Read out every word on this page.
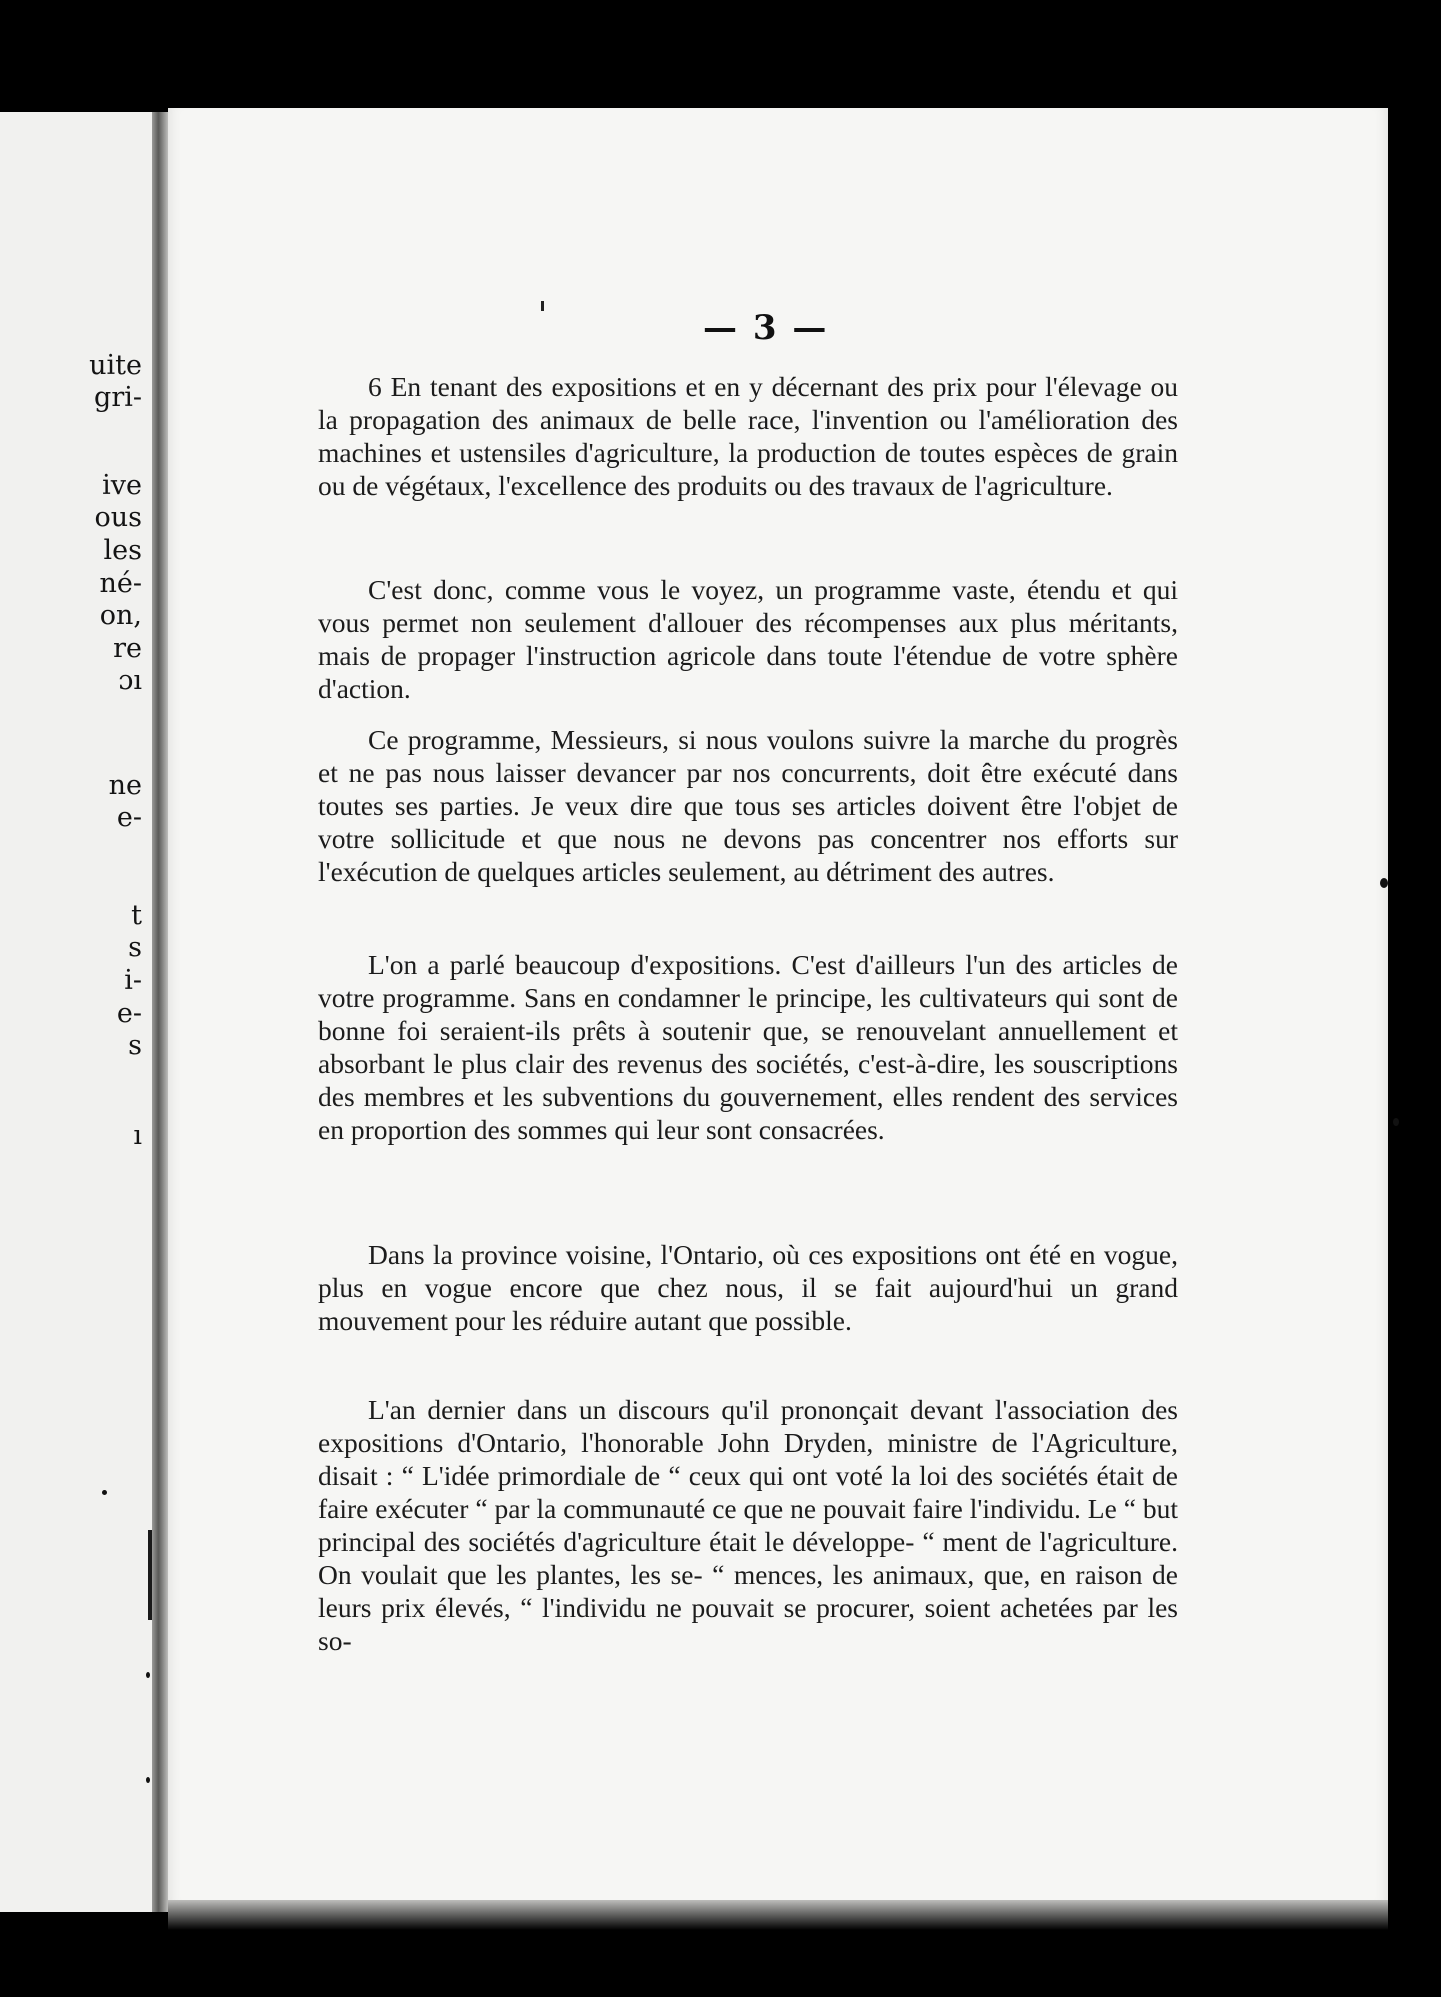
uite
gri-
ive
ous
les
né-
on,
re
ɔı
ne
e-
t
s
i-
e-
s
ı
— 3 —

6 En tenant des expositions et en y décernant des prix pour l'élevage ou la propagation des animaux de belle race, l'invention ou l'amélioration des machines et ustensiles d'agriculture, la production de toutes espèces de grain ou de végétaux, l'excellence des produits ou des travaux de l'agriculture.

C'est donc, comme vous le voyez, un programme vaste, étendu et qui vous permet non seulement d'allouer des récompenses aux plus méritants, mais de propager l'instruction agricole dans toute l'étendue de votre sphère d'action.

Ce programme, Messieurs, si nous voulons suivre la marche du progrès et ne pas nous laisser devancer par nos concurrents, doit être exécuté dans toutes ses parties. Je veux dire que tous ses articles doivent être l'objet de votre sollicitude et que nous ne devons pas concentrer nos efforts sur l'exécution de quelques articles seulement, au détriment des autres.

L'on a parlé beaucoup d'expositions. C'est d'ailleurs l'un des articles de votre programme. Sans en condamner le principe, les cultivateurs qui sont de bonne foi seraient-ils prêts à soutenir que, se renouvelant annuellement et absorbant le plus clair des revenus des sociétés, c'est-à-dire, les souscriptions des membres et les subventions du gouvernement, elles rendent des services en proportion des sommes qui leur sont consacrées.

Dans la province voisine, l'Ontario, où ces expositions ont été en vogue, plus en vogue encore que chez nous, il se fait aujourd'hui un grand mouvement pour les réduire autant que possible.

L'an dernier dans un discours qu'il prononçait devant l'association des expositions d'Ontario, l'honorable John Dryden, ministre de l'Agriculture, disait : “ L'idée primordiale de “ ceux qui ont voté la loi des sociétés était de faire exécuter “ par la communauté ce que ne pouvait faire l'individu. Le “ but principal des sociétés d'agriculture était le développe- “ ment de l'agriculture. On voulait que les plantes, les se- “ mences, les animaux, que, en raison de leurs prix élevés, “ l'individu ne pouvait se procurer, soient achetées par les so-
